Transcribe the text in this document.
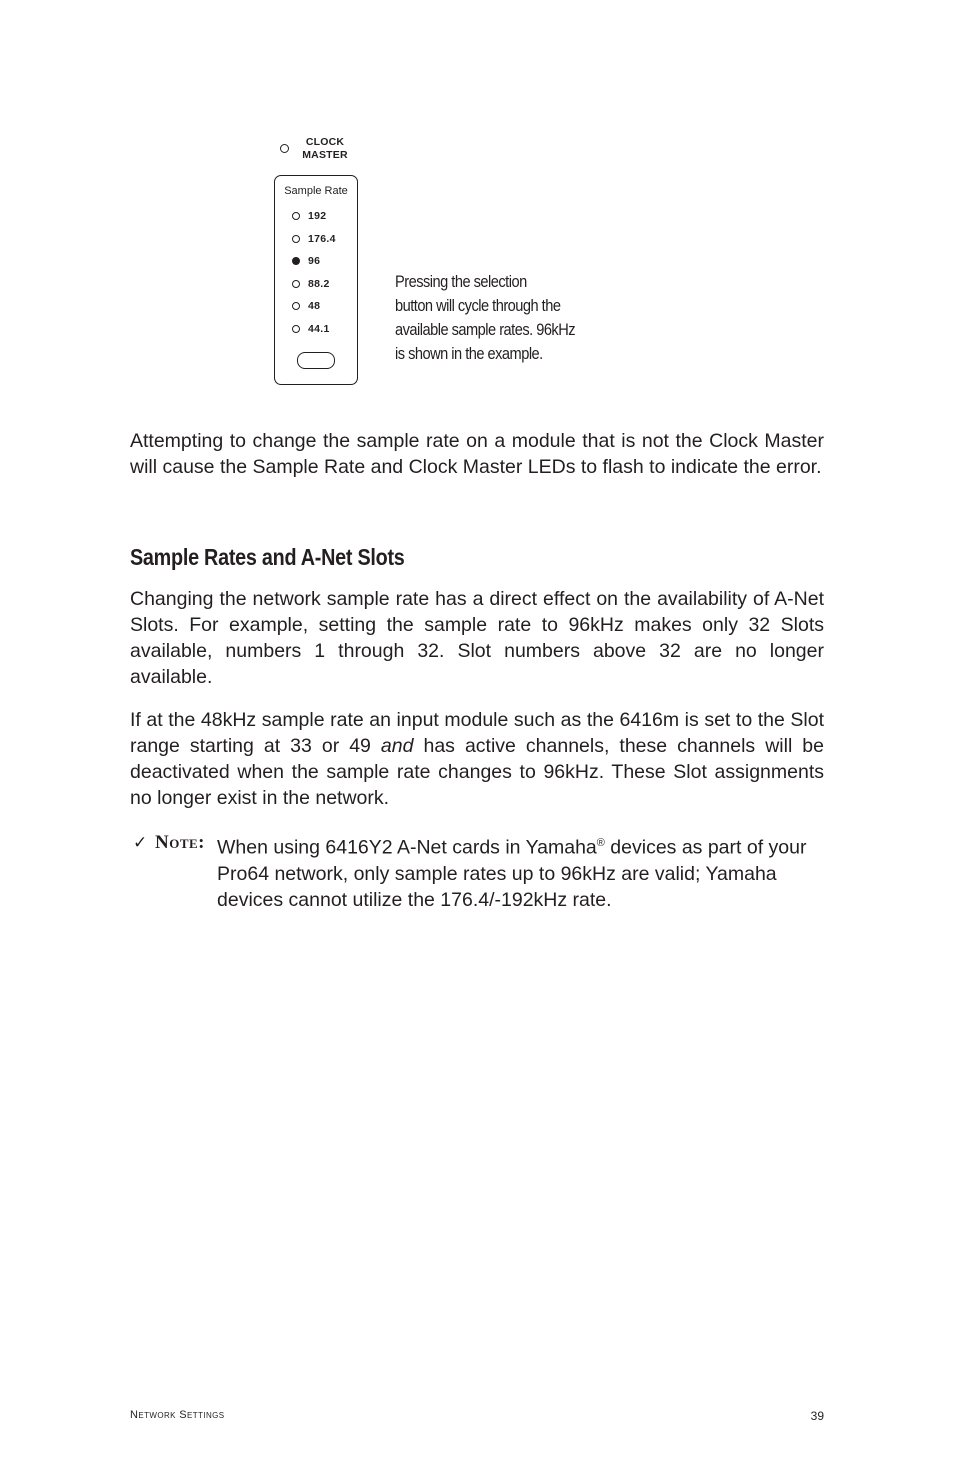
CLOCK
MASTER
Sample Rate
192
176.4
96
88.2
48
44.1
Pressing the selection
button will cycle through the
available sample rates. 96kHz
is shown in the example.

Attempting to change the sample rate on a module that is not the Clock Master will cause the Sample Rate and Clock Master LEDs to flash to indicate the error.

Sample Rates and A-Net Slots

Changing the network sample rate has a direct effect on the availability of A-Net Slots. For example, setting the sample rate to 96kHz makes only 32 Slots available, numbers 1 through 32. Slot numbers above 32 are no longer available.

If at the 48kHz sample rate an input module such as the 6416m is set to the Slot range starting at 33 or 49 and has active channels, these channels will be deactivated when the sample rate changes to 96kHz. These Slot assignments no longer exist in the network.

✓ Note: When using 6416Y2 A-Net cards in Yamaha® devices as part of your Pro64 network, only sample rates up to 96kHz are valid; Yamaha devices cannot utilize the 176.4/-192kHz rate.

Network Settings	39
